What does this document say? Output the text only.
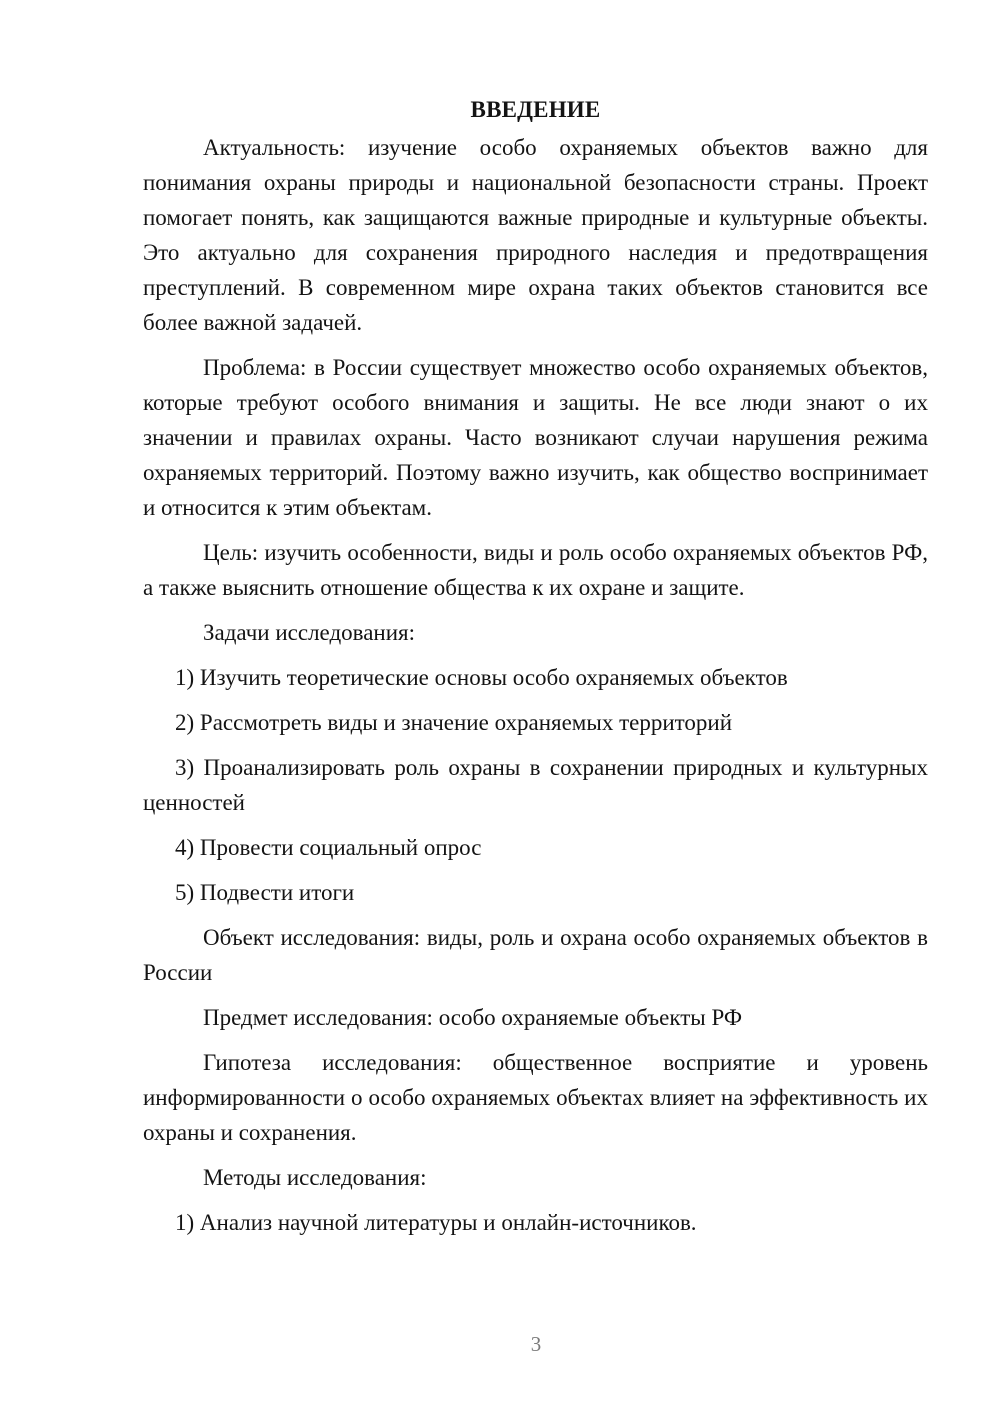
ВВЕДЕНИЕ

Актуальность: изучение особо охраняемых объектов важно для понимания охраны природы и национальной безопасности страны. Проект помогает понять, как защищаются важные природные и культурные объекты. Это актуально для сохранения природного наследия и предотвращения преступлений. В современном мире охрана таких объектов становится все более важной задачей.

Проблема: в России существует множество особо охраняемых объектов, которые требуют особого внимания и защиты. Не все люди знают о их значении и правилах охраны. Часто возникают случаи нарушения режима охраняемых территорий. Поэтому важно изучить, как общество воспринимает и относится к этим объектам.

Цель: изучить особенности, виды и роль особо охраняемых объектов РФ, а также выяснить отношение общества к их охране и защите.

Задачи исследования:

1) Изучить теоретические основы особо охраняемых объектов

2) Рассмотреть виды и значение охраняемых территорий

3) Проанализировать роль охраны в сохранении природных и культурных ценностей

4) Провести социальный опрос

5) Подвести итоги

Объект исследования: виды, роль и охрана особо охраняемых объектов в России

Предмет исследования: особо охраняемые объекты РФ

Гипотеза исследования: общественное восприятие и уровень информированности о особо охраняемых объектах влияет на эффективность их охраны и сохранения.

Методы исследования:

1) Анализ научной литературы и онлайн-источников.

3
